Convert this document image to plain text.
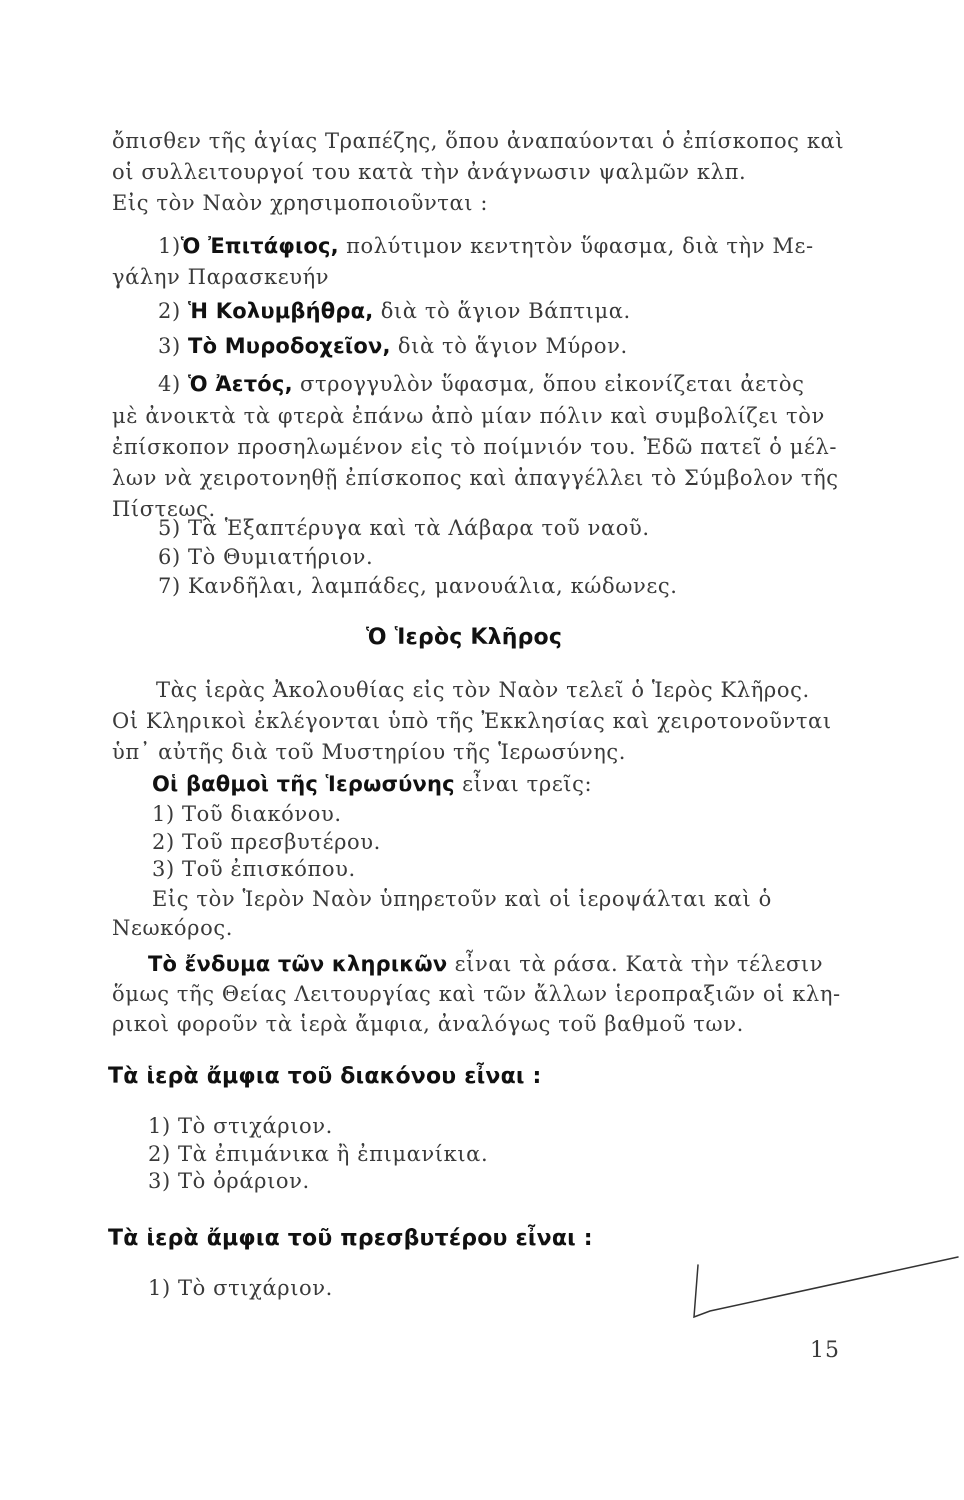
ὄπισθεν τῆς ἁγίας Τραπέζης, ὅπου ἀναπαύονται ὁ ἐπίσκοπος καὶ
οἱ συλλειτουργοί του κατὰ τὴν ἀνάγνωσιν ψαλμῶν κλπ.
Εἰς τὸν Ναὸν χρησιμοποιοῦνται :
1)Ὁ Ἐπιτάφιος, πολύτιμον κεντητὸν ὕφασμα, διὰ τὴν Με-
γάλην Παρασκευήν
2) Ἡ Κολυμβήθρα, διὰ τὸ ἅγιον Βάπτιμα.
3) Τὸ Μυροδοχεῖον, διὰ τὸ ἅγιον Μύρον.
4) Ὁ Ἀετός, στρογγυλὸν ὕφασμα, ὅπου εἰκονίζεται ἀετὸς
μὲ ἀνοικτὰ τὰ φτερὰ ἐπάνω ἀπὸ μίαν πόλιν καὶ συμβολίζει τὸν
ἐπίσκοπον προσηλωμένον εἰς τὸ ποίμνιόν του. Ἐδῶ πατεῖ ὁ μέλ-
λων νὰ χειροτονηθῇ ἐπίσκοπος καὶ ἀπαγγέλλει τὸ Σύμβολον τῆς
Πίστεως.
5) Τὰ Ἑξαπτέρυγα καὶ τὰ Λάβαρα τοῦ ναοῦ.
6) Τὸ Θυμιατήριον.
7) Κανδῆλαι, λαμπάδες, μανουάλια, κώδωνες.
Ὁ Ἱερὸς Κλῆρος
Τὰς ἱερὰς Ἀκολουθίας εἰς τὸν Ναὸν τελεῖ ὁ Ἱερὸς Κλῆρος.
Οἱ Κληρικοὶ ἐκλέγονται ὑπὸ τῆς Ἐκκλησίας καὶ χειροτονοῦνται
ὑπ᾿ αὐτῆς διὰ τοῦ Μυστηρίου τῆς Ἱερωσύνης.
Οἱ βαθμοὶ τῆς Ἱερωσύνης εἶναι τρεῖς:
1) Τοῦ διακόνου.
2) Τοῦ πρεσβυτέρου.
3) Τοῦ ἐπισκόπου.
Εἰς τὸν Ἱερὸν Ναὸν ὑπηρετοῦν καὶ οἱ ἱεροψάλται καὶ ὁ
Νεωκόρος.
Τὸ ἔνδυμα τῶν κληρικῶν εἶναι τὰ ράσα. Κατὰ τὴν τέλεσιν
ὅμως τῆς Θείας Λειτουργίας καὶ τῶν ἄλλων ἱεροπραξιῶν οἱ κλη-
ρικοὶ φοροῦν τὰ ἱερὰ ἄμφια, ἀναλόγως τοῦ βαθμοῦ των.
Τὰ ἱερὰ ἄμφια τοῦ διακόνου εἶναι :
1) Τὸ στιχάριον.
2) Τὰ ἐπιμάνικα ἢ ἐπιμανίκια.
3) Τὸ ὀράριον.
Τὰ ἱερὰ ἄμφια τοῦ πρεσβυτέρου εἶναι :
1) Τὸ στιχάριον.
15
